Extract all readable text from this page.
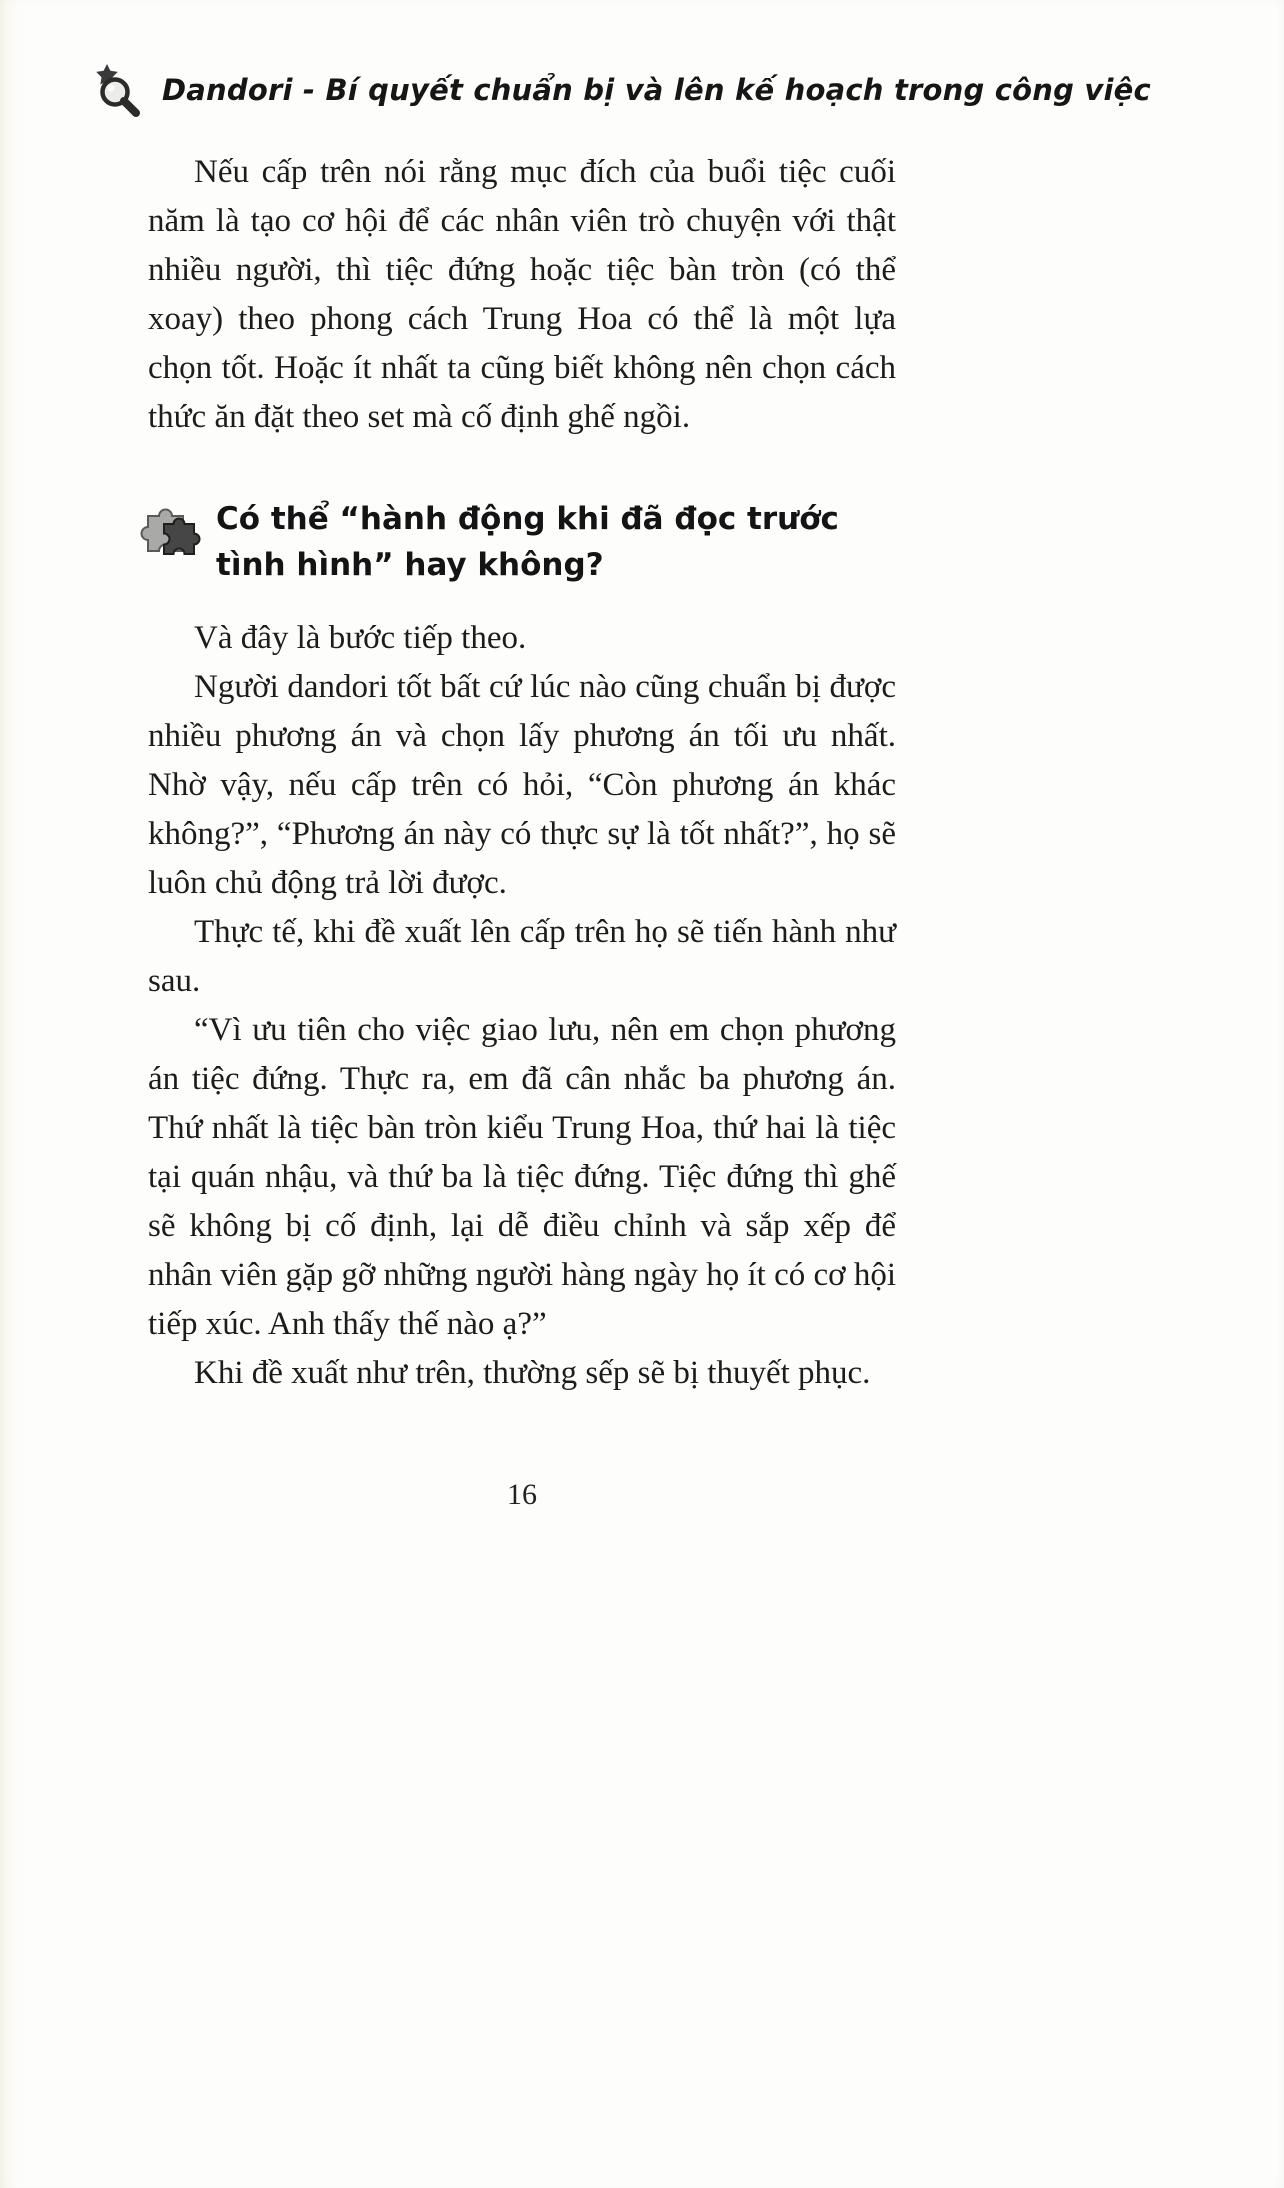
Dandori - Bí quyết chuẩn bị và lên kế hoạch trong công việc

Nếu cấp trên nói rằng mục đích của buổi tiệc cuối năm là tạo cơ hội để các nhân viên trò chuyện với thật nhiều người, thì tiệc đứng hoặc tiệc bàn tròn (có thể xoay) theo phong cách Trung Hoa có thể là một lựa chọn tốt. Hoặc ít nhất ta cũng biết không nên chọn cách thức ăn đặt theo set mà cố định ghế ngồi.

Có thể “hành động khi đã đọc trước tình hình” hay không?

Và đây là bước tiếp theo.

Người dandori tốt bất cứ lúc nào cũng chuẩn bị được nhiều phương án và chọn lấy phương án tối ưu nhất. Nhờ vậy, nếu cấp trên có hỏi, “Còn phương án khác không?”, “Phương án này có thực sự là tốt nhất?”, họ sẽ luôn chủ động trả lời được.

Thực tế, khi đề xuất lên cấp trên họ sẽ tiến hành như sau.

“Vì ưu tiên cho việc giao lưu, nên em chọn phương án tiệc đứng. Thực ra, em đã cân nhắc ba phương án. Thứ nhất là tiệc bàn tròn kiểu Trung Hoa, thứ hai là tiệc tại quán nhậu, và thứ ba là tiệc đứng. Tiệc đứng thì ghế sẽ không bị cố định, lại dễ điều chỉnh và sắp xếp để nhân viên gặp gỡ những người hàng ngày họ ít có cơ hội tiếp xúc. Anh thấy thế nào ạ?”

Khi đề xuất như trên, thường sếp sẽ bị thuyết phục.

16
